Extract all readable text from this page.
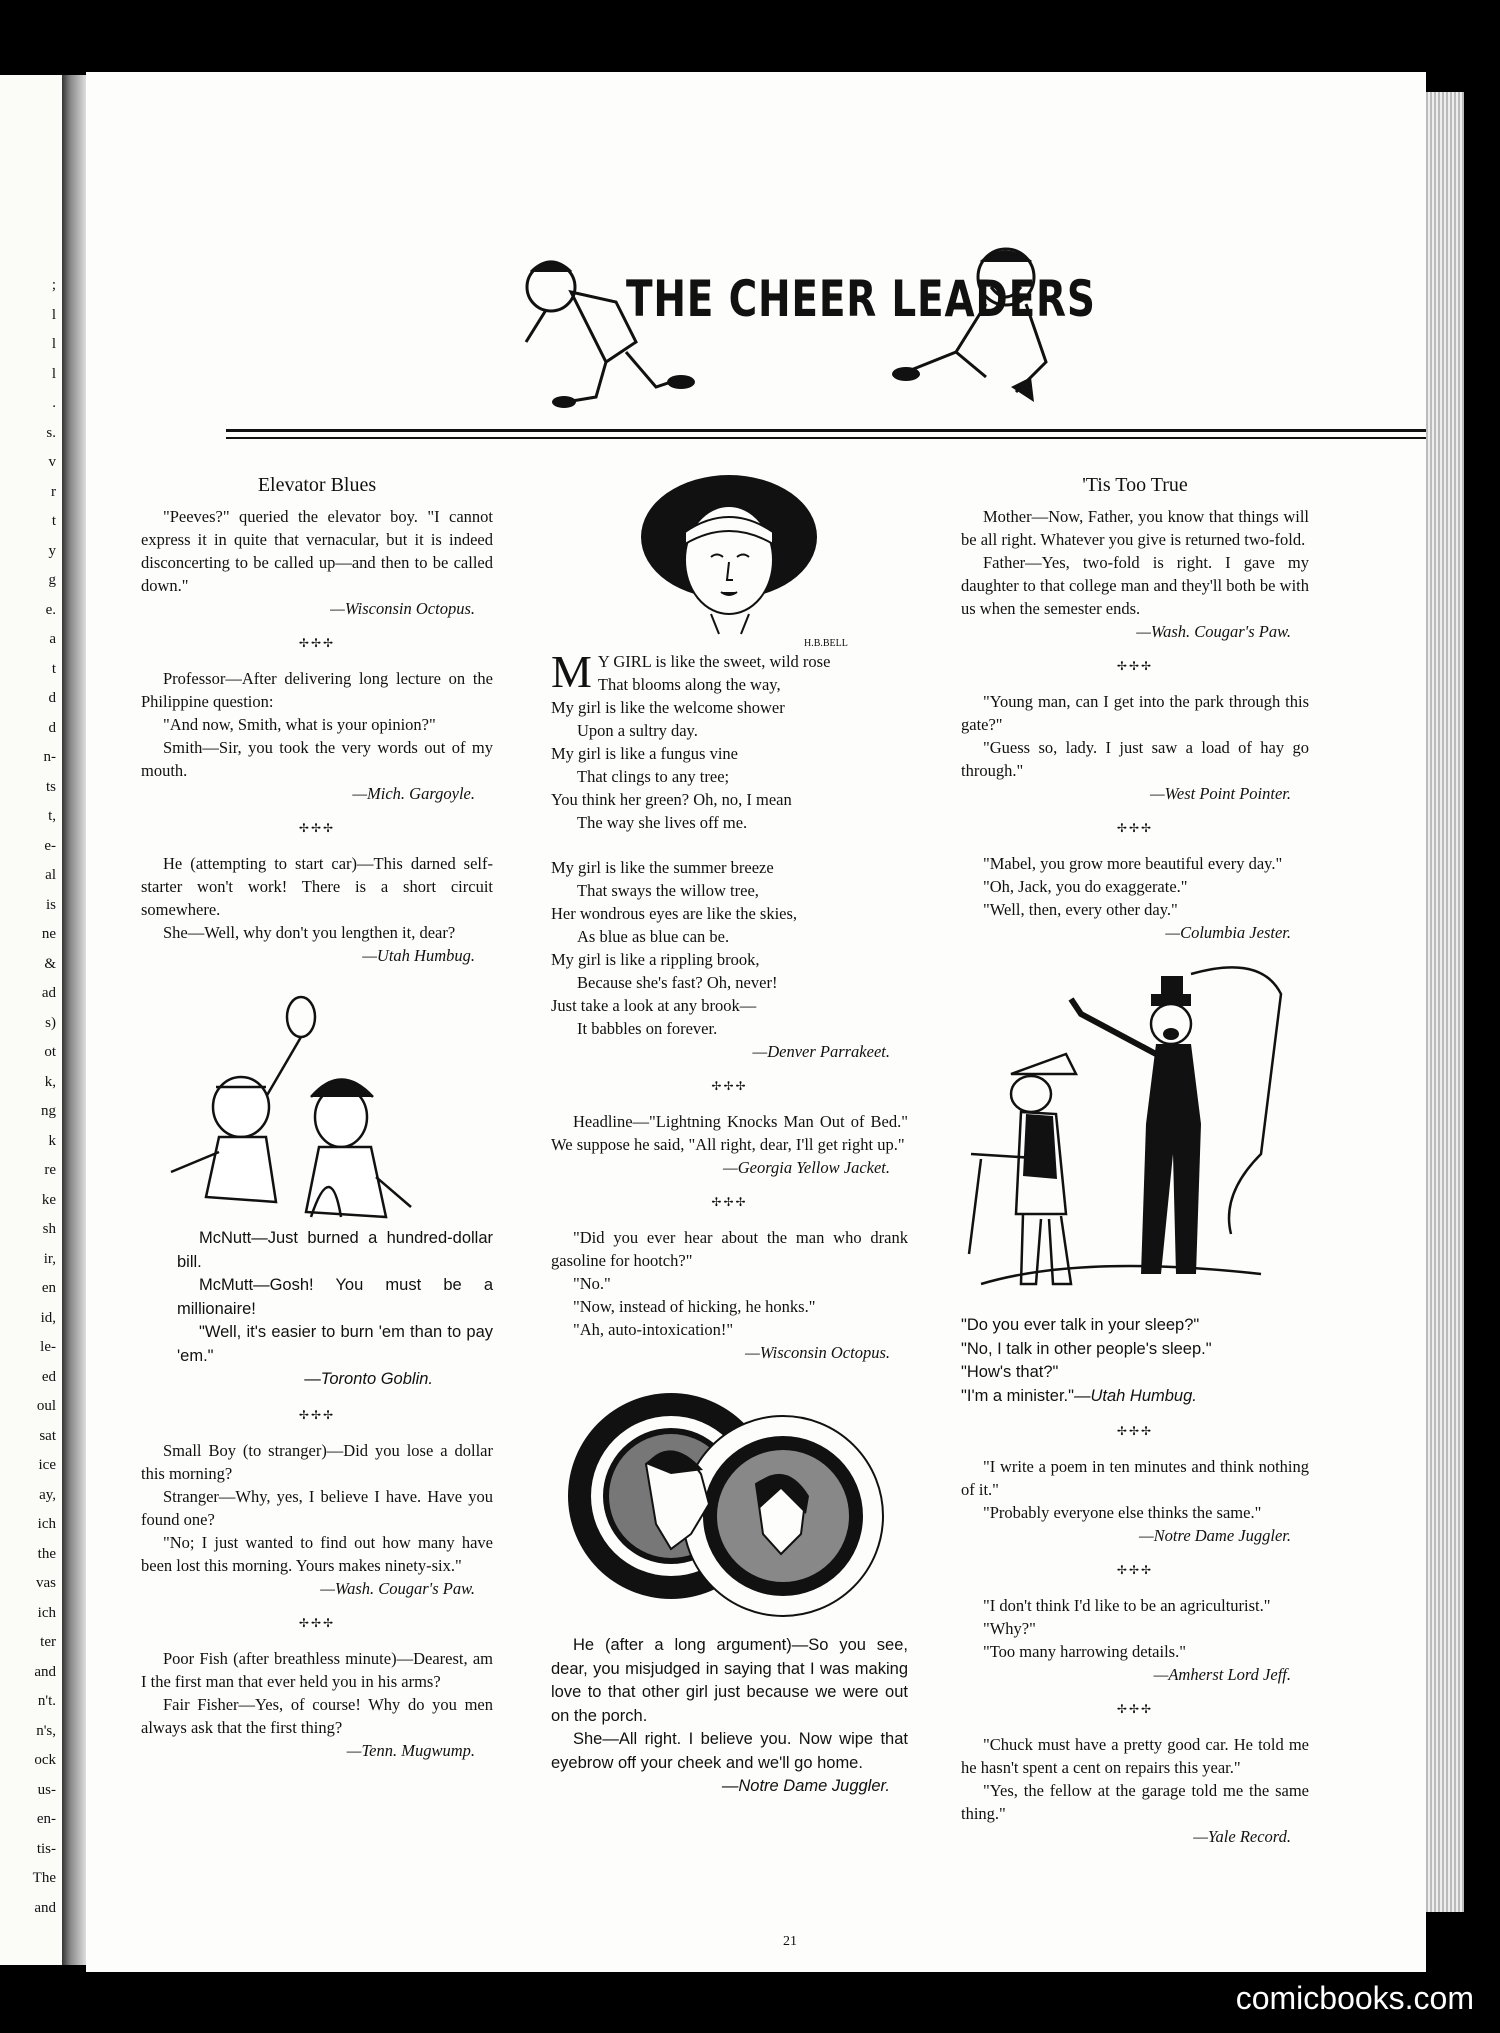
;
l
l
l
.
s.
v
r
t
y
g
e.
a
t
d
d
n-
ts
t,
e-
al
is
ne
&
ad
s)
ot
k,
ng
k
re
ke
sh
ir,
en
id,
le-
ed
oul
sat
ice
ay,
ich
the
vas
ich
ter
and
n't.
n's,
ock
us-
en-
tis-
The
and
THE CHEER LEADERS

Elevator Blues

"Peeves?" queried the elevator boy. "I cannot express it in quite that vernacular, but it is indeed disconcerting to be called up—and then to be called down."

—Wisconsin Octopus.

✢✢✢

Professor—After delivering long lecture on the Philippine question:

"And now, Smith, what is your opinion?"

Smith—Sir, you took the very words out of my mouth.

—Mich. Gargoyle.

✢✢✢

He (attempting to start car)—This darned self-starter won't work! There is a short circuit somewhere.

She—Well, why don't you lengthen it, dear?

—Utah Humbug.

McNutt—Just burned a hundred-dollar bill.

McMutt—Gosh! You must be a millionaire!

"Well, it's easier to burn 'em than to pay 'em."

—Toronto Goblin.

✢✢✢

Small Boy (to stranger)—Did you lose a dollar this morning?

Stranger—Why, yes, I believe I have. Have you found one?

"No; I just wanted to find out how many have been lost this morning. Yours makes ninety-six."

—Wash. Cougar's Paw.

✢✢✢

Poor Fish (after breathless minute)—Dearest, am I the first man that ever held you in his arms?

Fair Fisher—Yes, of course! Why do you men always ask that the first thing?

—Tenn. Mugwump.

H.B.BELL
M Y GIRL is like the sweet, wild rose

That blooms along the way,

My girl is like the welcome shower

Upon a sultry day.

My girl is like a fungus vine

That clings to any tree;

You think her green? Oh, no, I mean

The way she lives off me.

My girl is like the summer breeze

That sways the willow tree,

Her wondrous eyes are like the skies,

As blue as blue can be.

My girl is like a rippling brook,

Because she's fast? Oh, never!

Just take a look at any brook—

It babbles on forever.

—Denver Parrakeet.

✢✢✢

Headline—"Lightning Knocks Man Out of Bed." We suppose he said, "All right, dear, I'll get right up."

—Georgia Yellow Jacket.

✢✢✢

"Did you ever hear about the man who drank gasoline for hootch?"

"No."

"Now, instead of hicking, he honks."

"Ah, auto-intoxication!"

—Wisconsin Octopus.

He (after a long argument)—So you see, dear, you misjudged in saying that I was making love to that other girl just because we were out on the porch.

She—All right. I believe you. Now wipe that eyebrow off your cheek and we'll go home.

—Notre Dame Juggler.

'Tis Too True

Mother—Now, Father, you know that things will be all right. Whatever you give is returned two-fold.

Father—Yes, two-fold is right. I gave my daughter to that college man and they'll both be with us when the semester ends.

—Wash. Cougar's Paw.

✢✢✢

"Young man, can I get into the park through this gate?"

"Guess so, lady. I just saw a load of hay go through."

—West Point Pointer.

✢✢✢

"Mabel, you grow more beautiful every day."

"Oh, Jack, you do exaggerate."

"Well, then, every other day."

—Columbia Jester.

"Do you ever talk in your sleep?"

"No, I talk in other people's sleep."

"How's that?"

"I'm a minister."—Utah Humbug.

✢✢✢

"I write a poem in ten minutes and think nothing of it."

"Probably everyone else thinks the same."

—Notre Dame Juggler.

✢✢✢

"I don't think I'd like to be an agriculturist."

"Why?"

"Too many harrowing details."

—Amherst Lord Jeff.

✢✢✢

"Chuck must have a pretty good car. He told me he hasn't spent a cent on repairs this year."

"Yes, the fellow at the garage told me the same thing."

—Yale Record.

21
comicbooks.com
